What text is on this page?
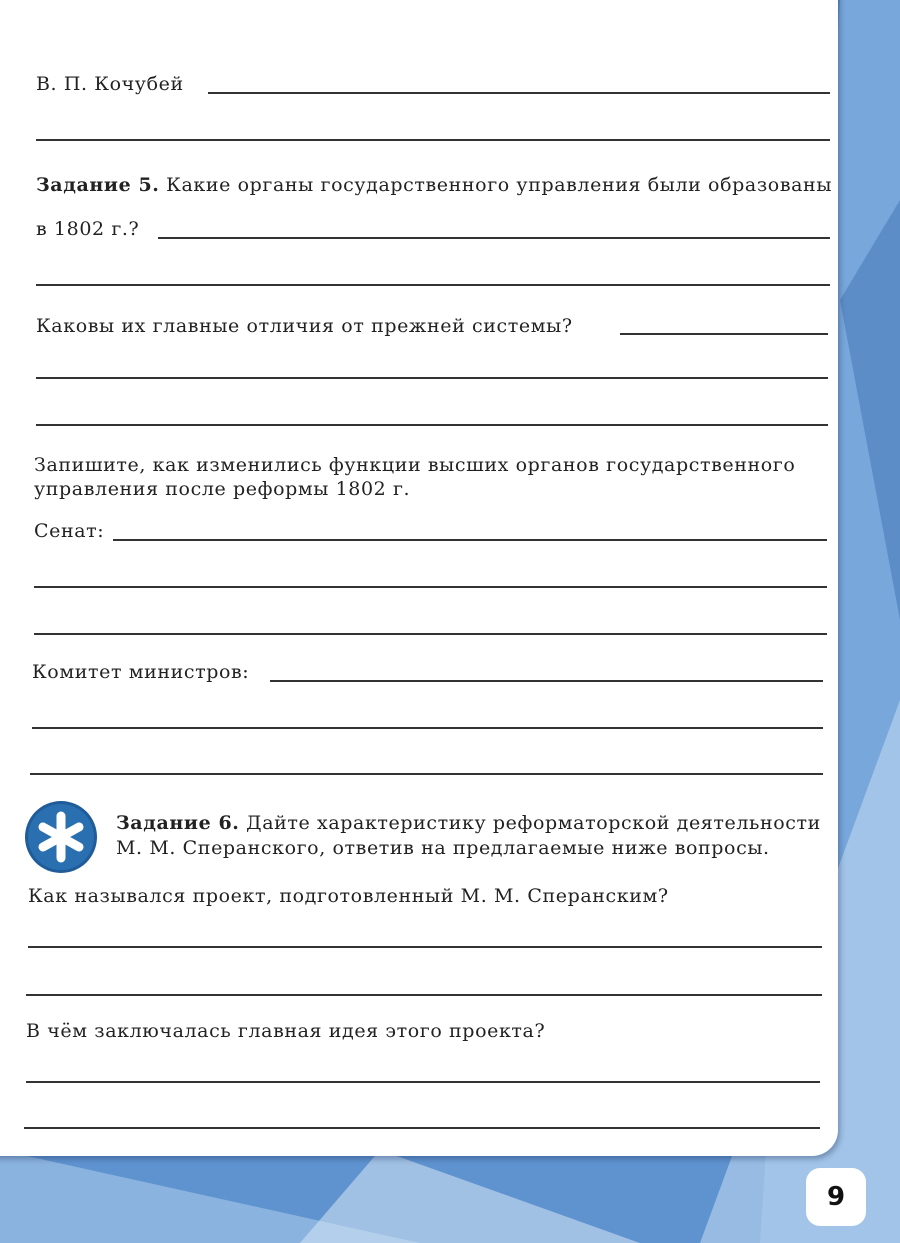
В. П. Кочубей
Задание 5. Какие органы государственного управления были образованы
в 1802 г.?
Каковы их главные отличия от прежней системы?
Запишите, как изменились функции высших органов государственного
управления после реформы 1802 г.
Сенат:
Комитет министров:
Задание 6. Дайте характеристику реформаторской деятельности
М. М. Сперанского, ответив на предлагаемые ниже вопросы.
Как назывался проект, подготовленный М. М. Сперанским?
В чём заключалась главная идея этого проекта?
9
